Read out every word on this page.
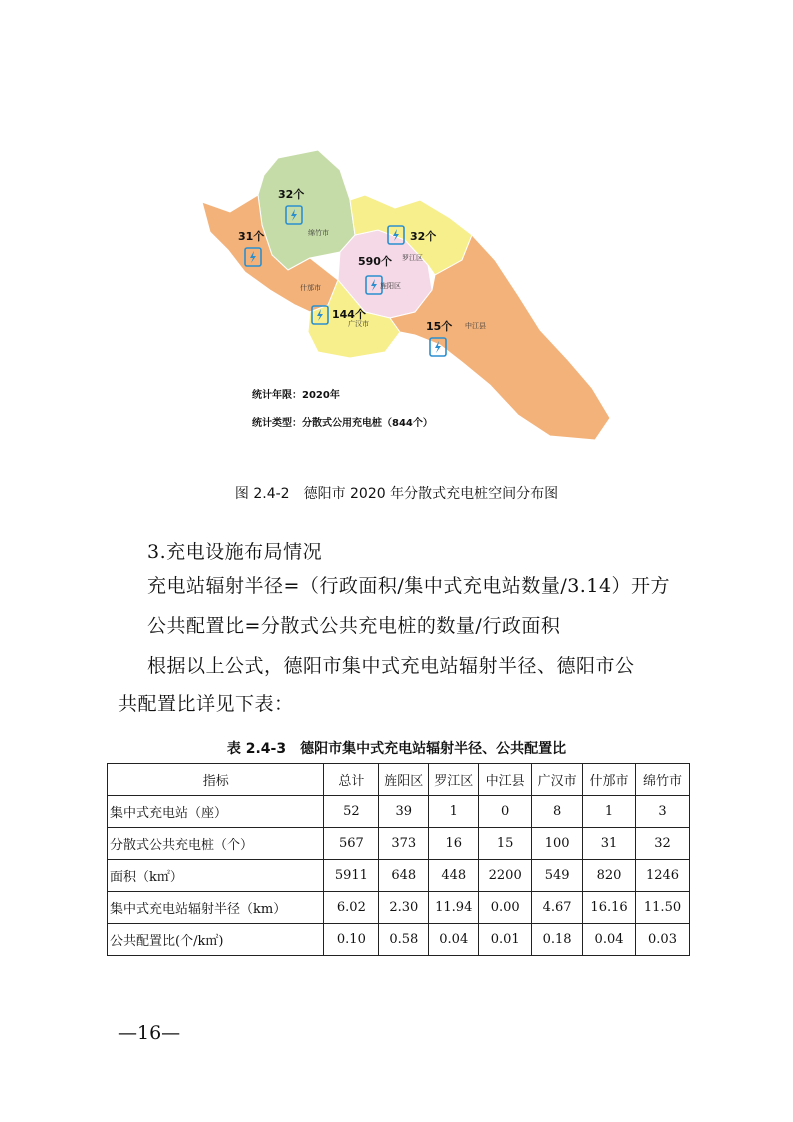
32个
31个
590个
32个
144个
15个
绵竹市
什邡市	旌阳区
罗江区
广汉市	中江县
统计年限：2020年
统计类型：分散式公用充电桩（844个）
图 2.4-2　德阳市 2020 年分散式充电桩空间分布图
3.充电设施布局情况
充电站辐射半径=（行政面积/集中式充电站数量/3.14）开方
公共配置比=分散式公共充电桩的数量/行政面积
根据以上公式，德阳市集中式充电站辐射半径、德阳市公
共配置比详见下表：
表 2.4-3　德阳市集中式充电站辐射半径、公共配置比
指标	总计	旌阳区	罗江区	中江县	广汉市	什邡市	绵竹市
集中式充电站（座）	52	39	1	0	8	1	3
分散式公共充电桩（个）	567	373	16	15	100	31	32
面积（k㎡）	5911	648	448	2200	549	820	1246
集中式充电站辐射半径（km）	6.02	2.30	11.94	0.00	4.67	16.16	11.50
公共配置比(个/k㎡)	0.10	0.58	0.04	0.01	0.18	0.04	0.03
—16—
